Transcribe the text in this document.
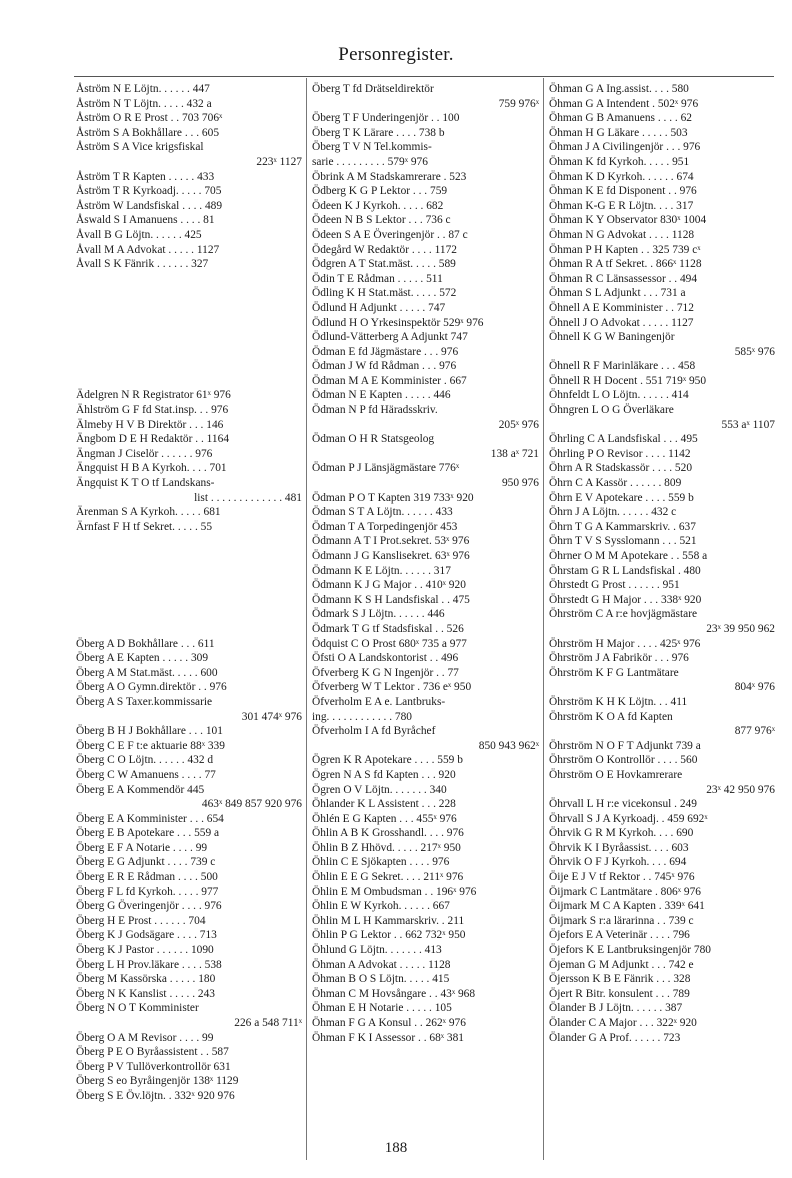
Personregister.
Åström N E Löjtn. . . . . . 447
Åström N T Löjtn. . . . . 432 a
Åström O R E Prost . . 703 706ˣ
Åström S A Bokhållare . . . 605
Åström S A Vice krigsfiskal
223ˣ 1127
Åström T R Kapten . . . . . 433
Åström T R Kyrkoadj. . . . . 705
Åström W Landsfiskal . . . . 489
Åswald S I Amanuens . . . . 81
Åvall B G Löjtn. . . . . . 425
Åvall M A Advokat . . . . . 1127
Åvall S K Fänrik . . . . . . 327
Ädelgren N R Registrator 61ˣ 976
Ählström G F fd Stat.insp. . . 976
Älmeby H V B Direktör . . . 146
Ängbom D E H Redaktör . . 1164
Ängman J Ciselör . . . . . . 976
Ängquist H B A Kyrkoh. . . . 701
Ängquist K T O tf Landskans-
list . . . . . . . . . . . . . 481
Ärenman S A Kyrkoh. . . . . 681
Ärnfast F H tf Sekret. . . . . 55
Öberg A D Bokhållare . . . 611
Öberg A E Kapten . . . . . 309
Öberg A M Stat.mäst. . . . . 600
Öberg A O Gymn.direktör . . 976
Öberg A S Taxer.kommissarie
301 474ˣ 976
Öberg B H J Bokhållare . . . 101
Öberg C E F t:e aktuarie 88ˣ 339
Öberg C O Löjtn. . . . . . 432 d
Öberg C W Amanuens . . . . 77
Öberg E A Kommendör 445
463ˣ 849 857 920 976
Öberg E A Komminister . . . 654
Öberg E B Apotekare . . . 559 a
Öberg E F A Notarie . . . . 99
Öberg E G Adjunkt . . . . 739 c
Öberg E R E Rådman . . . . 500
Öberg F L fd Kyrkoh. . . . . 977
Öberg G Överingenjör . . . . 976
Öberg H E Prost . . . . . . 704
Öberg K J Godsägare . . . . 713
Öberg K J Pastor . . . . . . 1090
Öberg L H Prov.läkare . . . . 538
Öberg M Kassörska . . . . . 180
Öberg N K Kanslist . . . . . 243
Öberg N O T Komminister
226 a 548 711ˣ
Öberg O A M Revisor . . . . 99
Öberg P E O Byråassistent . . 587
Öberg P V Tullöverkontrollör 631
Öberg S eo Byråingenjör 138ˣ 1129
Öberg S E Öv.löjtn. . 332ˣ 920 976
Öberg T fd Drätseldirektör
759 976ˣ
Öberg T F Underingenjör . . 100
Öberg T K Lärare . . . . 738 b
Öberg T V N Tel.kommis-
sarie . . . . . . . . . 579ˣ 976
Öbrink A M Stadskamrerare . 523
Ödberg K G P Lektor . . . 759
Ödeen K J Kyrkoh. . . . . 682
Ödeen N B S Lektor . . . 736 c
Ödeen S A E Överingenjör . . 87 c
Ödegård W Redaktör . . . . 1172
Ödgren A T Stat.mäst. . . . . 589
Ödin T E Rådman . . . . . 511
Ödling K H Stat.mäst. . . . . 572
Ödlund H Adjunkt . . . . . 747
Ödlund H O Yrkesinspektör 529ˣ 976
Ödlund-Vätterberg A Adjunkt 747
Ödman E fd Jägmästare . . . 976
Ödman J W fd Rådman . . . 976
Ödman M A E Komminister . 667
Ödman N E Kapten . . . . . 446
Ödman N P fd Häradsskriv.
205ˣ 976
Ödman O H R Statsgeolog
138 aˣ 721
Ödman P J Länsjägmästare 776ˣ
950 976
Ödman P O T Kapten 319 733ˣ 920
Ödman S T A Löjtn. . . . . . 433
Ödman T A Torpedingenjör 453
Ödmann A T I Prot.sekret. 53ˣ 976
Ödmann J G Kanslisekret. 63ˣ 976
Ödmann K E Löjtn. . . . . . 317
Ödmann K J G Major . . 410ˣ 920
Ödmann K S H Landsfiskal . . 475
Ödmark S J Löjtn. . . . . . 446
Ödmark T G tf Stadsfiskal . . 526
Ödquist C O Prost 680ˣ 735 a 977
Öfsti O A Landskontorist . . 496
Öfverberg K G N Ingenjör . . 77
Öfverberg W T Lektor . 736 eˣ 950
Öfverholm E A e. Lantbruks-
ing. . . . . . . . . . . . 780
Öfverholm I A fd Byråchef
850 943 962ˣ
Ögren K R Apotekare . . . . 559 b
Ögren N A S fd Kapten . . . 920
Ögren O V Löjtn. . . . . . . 340
Öhlander K L Assistent . . . 228
Öhlén E G Kapten . . . 455ˣ 976
Öhlin A B K Grosshandl. . . . 976
Öhlin B Z Hhövd. . . . . 217ˣ 950
Öhlin C E Sjökapten . . . . 976
Öhlin E E G Sekret. . . . 211ˣ 976
Öhlin E M Ombudsman . . 196ˣ 976
Öhlin E W Kyrkoh. . . . . . 667
Öhlin M L H Kammarskriv. . 211
Öhlin P G Lektor . . 662 732ˣ 950
Öhlund G Löjtn. . . . . . . 413
Öhman A Advokat . . . . . 1128
Öhman B O S Löjtn. . . . . 415
Öhman C M Hovsångare . . 43ˣ 968
Öhman E H Notarie . . . . . 105
Öhman F G A Konsul . . 262ˣ 976
Öhman F K I Assessor . . 68ˣ 381
Öhman G A Ing.assist. . . . 580
Öhman G A Intendent . 502ˣ 976
Öhman G B Amanuens . . . . 62
Öhman H G Läkare . . . . . 503
Öhman J A Civilingenjör . . . 976
Öhman K fd Kyrkoh. . . . . 951
Öhman K D Kyrkoh. . . . . . 674
Öhman K E fd Disponent . . 976
Öhman K-G E R Löjtn. . . . 317
Öhman K Y Observator 830ˣ 1004
Öhman N G Advokat . . . . 1128
Öhman P H Kapten . . 325 739 cˣ
Öhman R A tf Sekret. . 866ˣ 1128
Öhman R C Länsassessor . . 494
Öhman S L Adjunkt . . . 731 a
Öhnell A E Komminister . . 712
Öhnell J O Advokat . . . . . 1127
Öhnell K G W Baningenjör
585ˣ 976
Öhnell R F Marinläkare . . . 458
Öhnell R H Docent . 551 719ˣ 950
Öhnfeldt L O Löjtn. . . . . . 414
Öhngren L O G Överläkare
553 aˣ 1107
Öhrling C A Landsfiskal . . . 495
Öhrling P O Revisor . . . . 1142
Öhrn A R Stadskassör . . . . 520
Öhrn C A Kassör . . . . . . 809
Öhrn E V Apotekare . . . . 559 b
Öhrn J A Löjtn. . . . . . 432 c
Öhrn T G A Kammarskriv. . 637
Öhrn T V S Sysslomann . . . 521
Öhrner O M M Apotekare . . 558 a
Öhrstam G R L Landsfiskal . 480
Öhrstedt G Prost . . . . . . 951
Öhrstedt G H Major . . . 338ˣ 920
Öhrström C A r:e hovjägmästare
23ˣ 39 950 962
Öhrström H Major . . . . 425ˣ 976
Öhrström J A Fabrikör . . . 976
Öhrström K F G Lantmätare
804ˣ 976
Öhrström K H K Löjtn. . . 411
Öhrström K O A fd Kapten
877 976ˣ
Öhrström N O F T Adjunkt 739 a
Öhrström O Kontrollör . . . . 560
Öhrström O E Hovkamrerare
23ˣ 42 950 976
Öhrvall L H r:e vicekonsul . 249
Öhrvall S J A Kyrkoadj. . 459 692ˣ
Öhrvik G R M Kyrkoh. . . . 690
Öhrvik K I Byråassist. . . . 603
Öhrvik O F J Kyrkoh. . . . 694
Öije E J V tf Rektor . . 745ˣ 976
Öijmark C Lantmätare . 806ˣ 976
Öijmark M C A Kapten . 339ˣ 641
Öijmark S r:a lärarinna . . 739 c
Öjefors E A Veterinär . . . . 796
Öjefors K E Lantbruksingenjör 780
Öjeman G M Adjunkt . . . 742 e
Öjersson K B E Fänrik . . . 328
Öjert R Bitr. konsulent . . . 789
Ölander B J Löjtn. . . . . . 387
Ölander C A Major . . . 322ˣ 920
Ölander G A Prof. . . . . . 723
188
